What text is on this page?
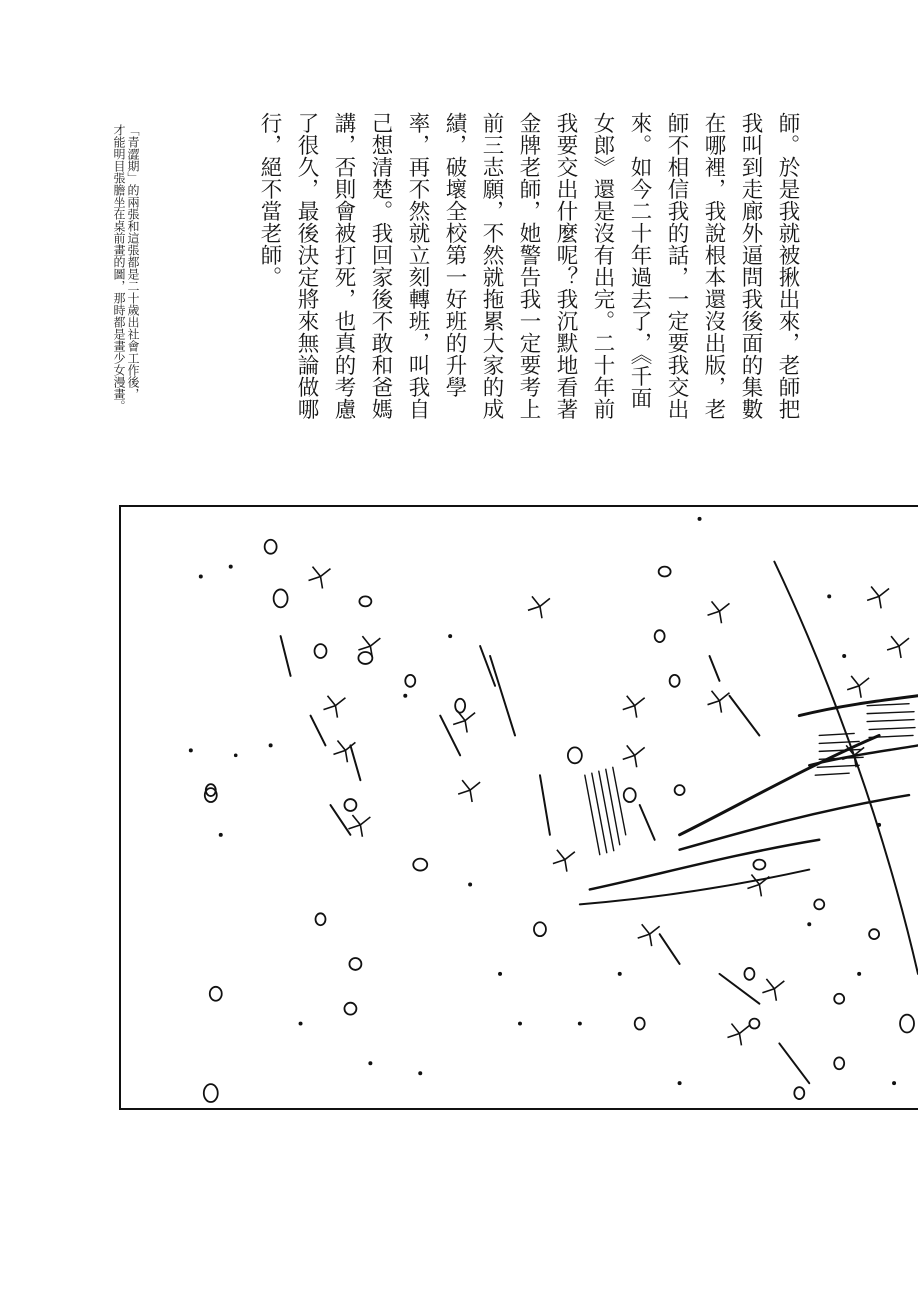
師。於是我就被揪出來，老師把
我叫到走廊外逼問我後面的集數
在哪裡，我說根本還沒出版，老
師不相信我的話，一定要我交出
來。如今二十年過去了，《千面
女郎》還是沒有出完。二十年前
我要交出什麼呢？我沉默地看著
金牌老師，她警告我一定要考上
前三志願，不然就拖累大家的成
績，破壞全校第一好班的升學
率，再不然就立刻轉班，叫我自
己想清楚。我回家後不敢和爸媽
講，否則會被打死，也真的考慮
了很久，最後決定將來無論做哪
行，絕不當老師。
「青澀期」的兩張和這張都是二十歲出社會工作後，
才能明目張膽坐在桌前畫的圖，那時都是畫少女漫畫。
